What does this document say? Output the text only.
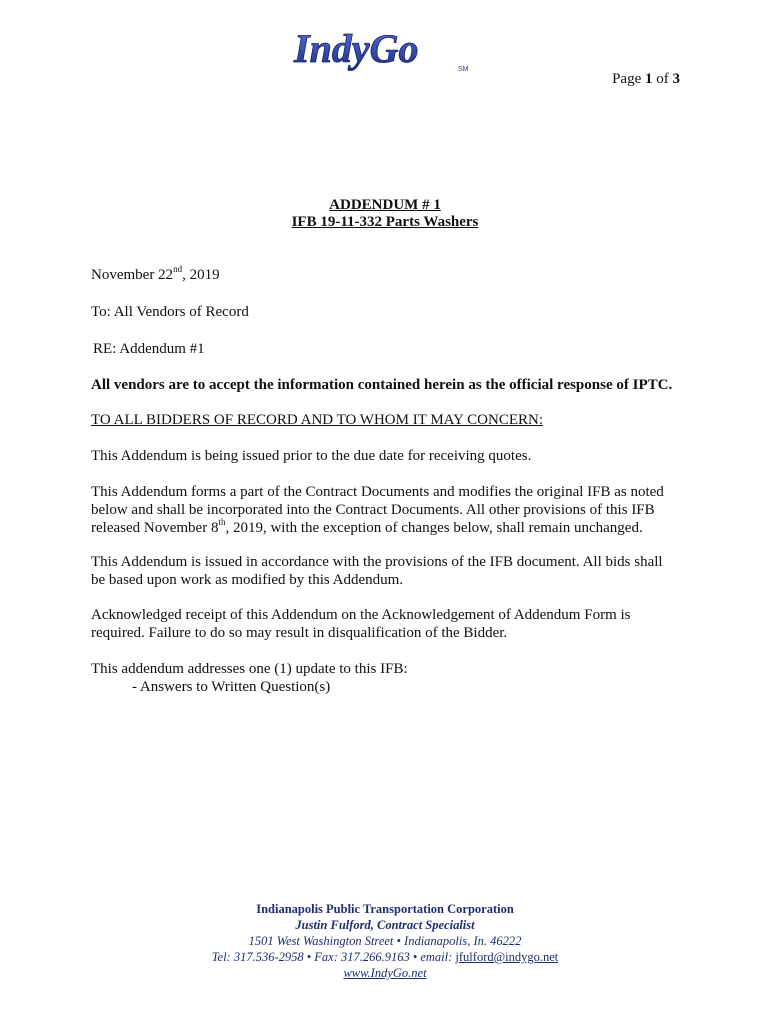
IndyGo	SM
Page 1 of 3
ADDENDUM # 1
IFB 19-11-332 Parts Washers
November 22nd, 2019
To: All Vendors of Record
RE: Addendum #1
All vendors are to accept the information contained herein as the official response of IPTC.
TO ALL BIDDERS OF RECORD AND TO WHOM IT MAY CONCERN:
This Addendum is being issued prior to the due date for receiving quotes.
This Addendum forms a part of the Contract Documents and modifies the original IFB as noted
below and shall be incorporated into the Contract Documents. All other provisions of this IFB
released November 8th, 2019, with the exception of changes below, shall remain unchanged.
This Addendum is issued in accordance with the provisions of the IFB document. All bids shall
be based upon work as modified by this Addendum.
Acknowledged receipt of this Addendum on the Acknowledgement of Addendum Form is
required. Failure to do so may result in disqualification of the Bidder.
This addendum addresses one (1) update to this IFB:
- Answers to Written Question(s)
Indianapolis Public Transportation Corporation
Justin Fulford, Contract Specialist
1501 West Washington Street • Indianapolis, In. 46222
Tel: 317.536-2958 • Fax: 317.266.9163 • email: jfulford@indygo.net
www.IndyGo.net
